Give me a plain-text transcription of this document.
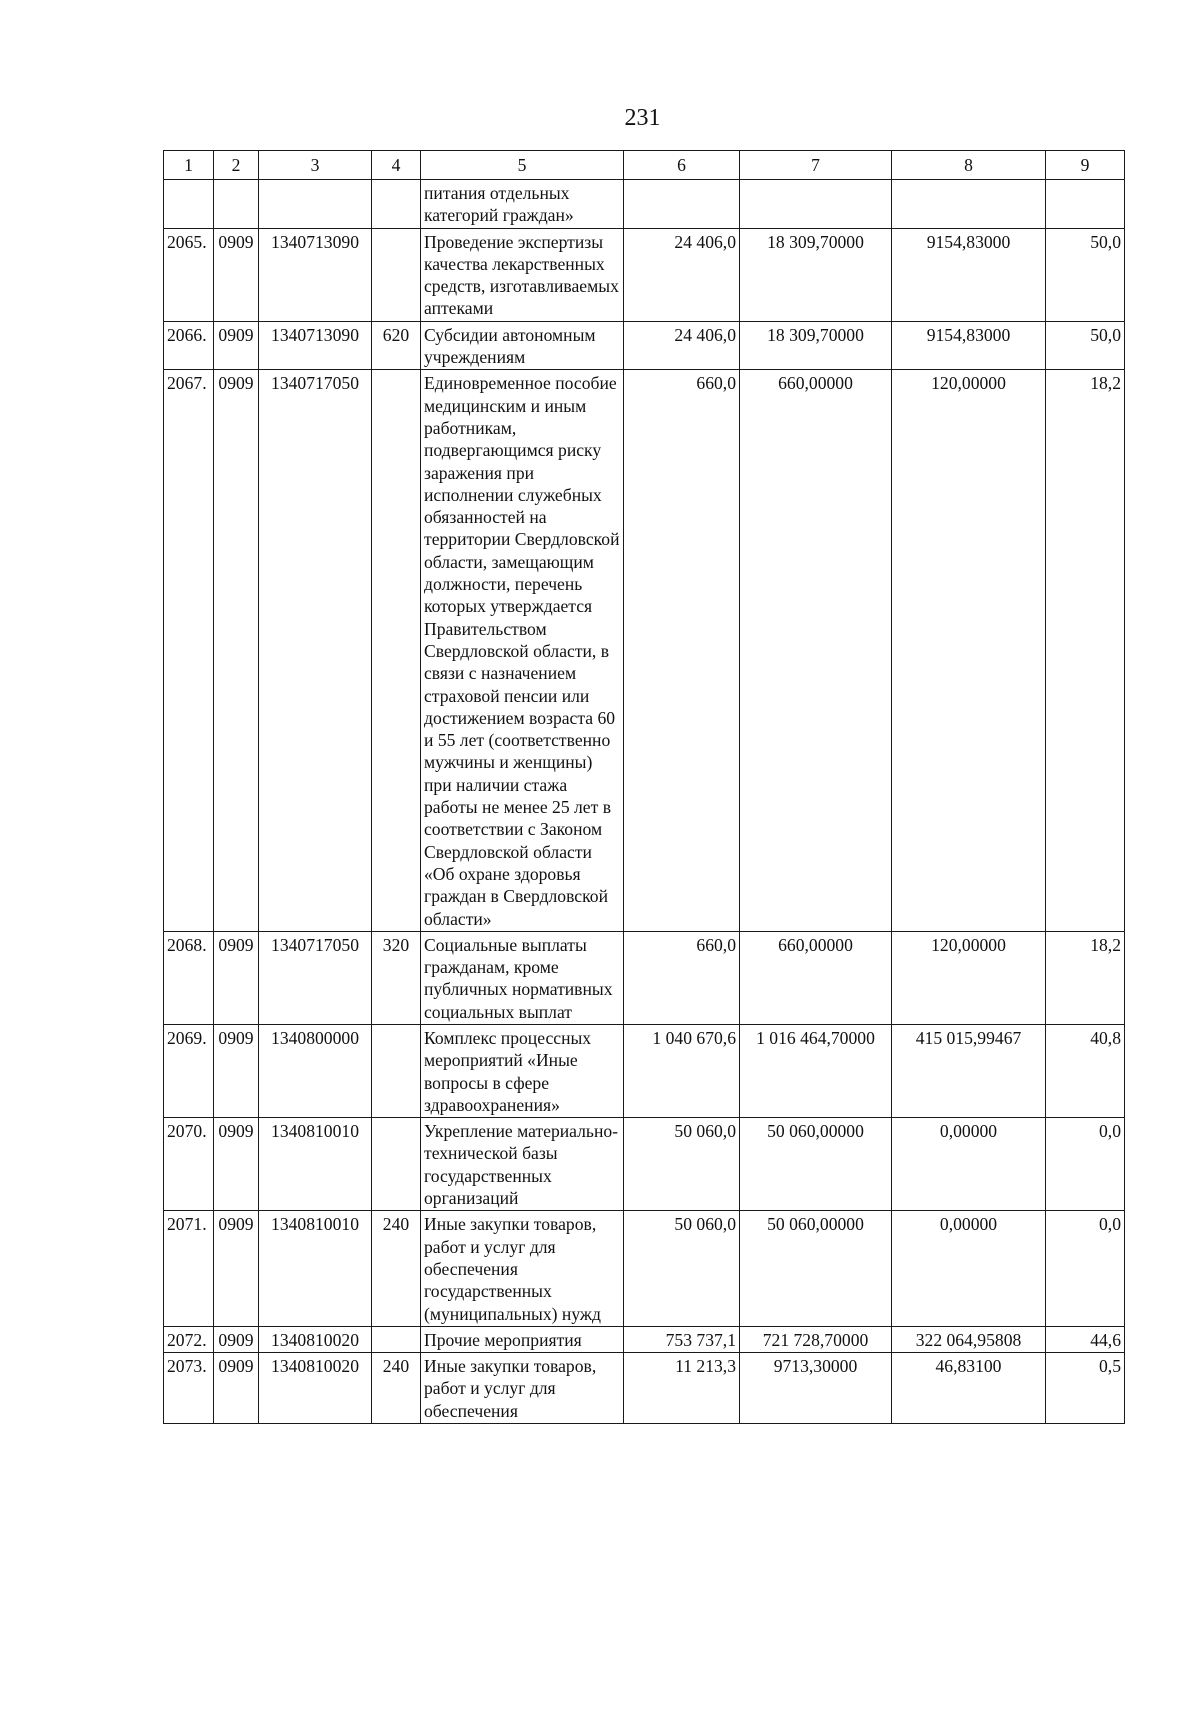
231
1	2	3	4	5	6	7	8	9
				питания отдельных категорий граждан»				
2065.	0909	1340713090		Проведение экспертизы качества лекарственных средств, изготавливаемых аптеками	24 406,0	18 309,70000	9154,83000	50,0
2066.	0909	1340713090	620	Субсидии автономным учреждениям	24 406,0	18 309,70000	9154,83000	50,0
2067.	0909	1340717050		Единовременное пособие медицинским и иным работникам, подвергающимся риску заражения при исполнении служебных обязанностей на территории Свердловской области, замещающим должности, перечень которых утверждается Правительством Свердловской области, в связи с назначением страховой пенсии или достижением возраста 60 и 55 лет (соответственно мужчины и женщины) при наличии стажа работы не менее 25 лет в соответствии с Законом Свердловской области «Об охране здоровья граждан в Свердловской области»	660,0	660,00000	120,00000	18,2
2068.	0909	1340717050	320	Социальные выплаты гражданам, кроме публичных нормативных социальных выплат	660,0	660,00000	120,00000	18,2
2069.	0909	1340800000		Комплекс процессных мероприятий «Иные вопросы в сфере здравоохранения»	1 040 670,6	1 016 464,70000	415 015,99467	40,8
2070.	0909	1340810010		Укрепление материально-технической базы государственных организаций	50 060,0	50 060,00000	0,00000	0,0
2071.	0909	1340810010	240	Иные закупки товаров, работ и услуг для обеспечения государственных (муниципальных) нужд	50 060,0	50 060,00000	0,00000	0,0
2072.	0909	1340810020		Прочие мероприятия	753 737,1	721 728,70000	322 064,95808	44,6
2073.	0909	1340810020	240	Иные закупки товаров, работ и услуг для обеспечения	11 213,3	9713,30000	46,83100	0,5
